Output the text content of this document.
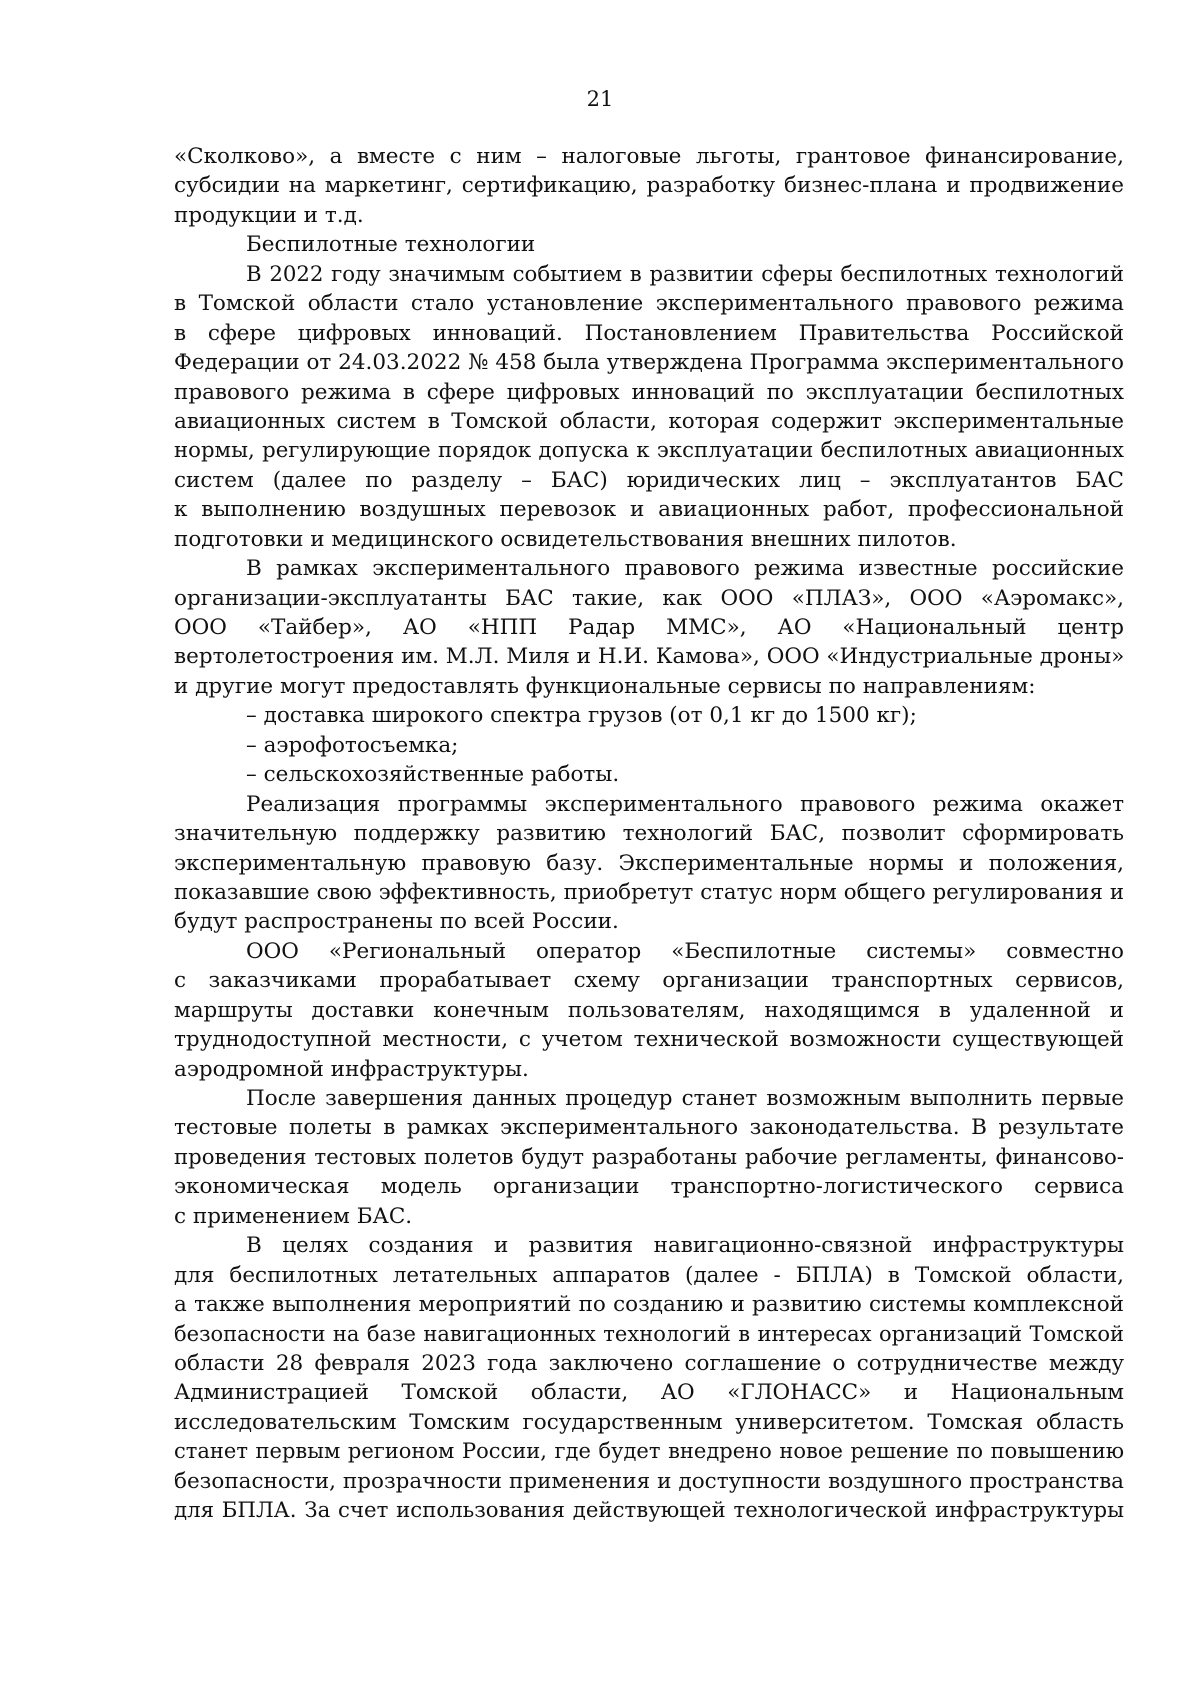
21
«Сколково», а вместе с ним – налоговые льготы, грантовое финансирование,
субсидии на маркетинг, сертификацию, разработку бизнес-плана и продвижение
продукции и т.д.
Беспилотные технологии
В 2022 году значимым событием в развитии сферы беспилотных технологий
в Томской области стало установление экспериментального правового режима
в сфере цифровых инноваций. Постановлением Правительства Российской
Федерации от 24.03.2022 № 458 была утверждена Программа экспериментального
правового режима в сфере цифровых инноваций по эксплуатации беспилотных
авиационных систем в Томской области, которая содержит экспериментальные
нормы, регулирующие порядок допуска к эксплуатации беспилотных авиационных
систем (далее по разделу – БАС) юридических лиц – эксплуатантов БАС
к выполнению воздушных перевозок и авиационных работ, профессиональной
подготовки и медицинского освидетельствования внешних пилотов.
В рамках экспериментального правового режима известные российские
организации-эксплуатанты БАС такие, как ООО «ПЛАЗ», ООО «Аэромакс»,
ООО «Тайбер», АО «НПП Радар ММС», АО «Национальный центр
вертолетостроения им. М.Л. Миля и Н.И. Камова», ООО «Индустриальные дроны»
и другие могут предоставлять функциональные сервисы по направлениям:
– доставка широкого спектра грузов (от 0,1 кг до 1500 кг);
– аэрофотосъемка;
– сельскохозяйственные работы.
Реализация программы экспериментального правового режима окажет
значительную поддержку развитию технологий БАС, позволит сформировать
экспериментальную правовую базу. Экспериментальные нормы и положения,
показавшие свою эффективность, приобретут статус норм общего регулирования и
будут распространены по всей России.
ООО «Региональный оператор «Беспилотные системы» совместно
с заказчиками прорабатывает схему организации транспортных сервисов,
маршруты доставки конечным пользователям, находящимся в удаленной и
труднодоступной местности, с учетом технической возможности существующей
аэродромной инфраструктуры.
После завершения данных процедур станет возможным выполнить первые
тестовые полеты в рамках экспериментального законодательства. В результате
проведения тестовых полетов будут разработаны рабочие регламенты, финансово-
экономическая модель организации транспортно-логистического сервиса
с применением БАС.
В целях создания и развития навигационно-связной инфраструктуры
для беспилотных летательных аппаратов (далее - БПЛА) в Томской области,
а также выполнения мероприятий по созданию и развитию системы комплексной
безопасности на базе навигационных технологий в интересах организаций Томской
области 28 февраля 2023 года заключено соглашение о сотрудничестве между
Администрацией Томской области, АО «ГЛОНАСС» и Национальным
исследовательским Томским государственным университетом. Томская область
станет первым регионом России, где будет внедрено новое решение по повышению
безопасности, прозрачности применения и доступности воздушного пространства
для БПЛА. За счет использования действующей технологической инфраструктуры
